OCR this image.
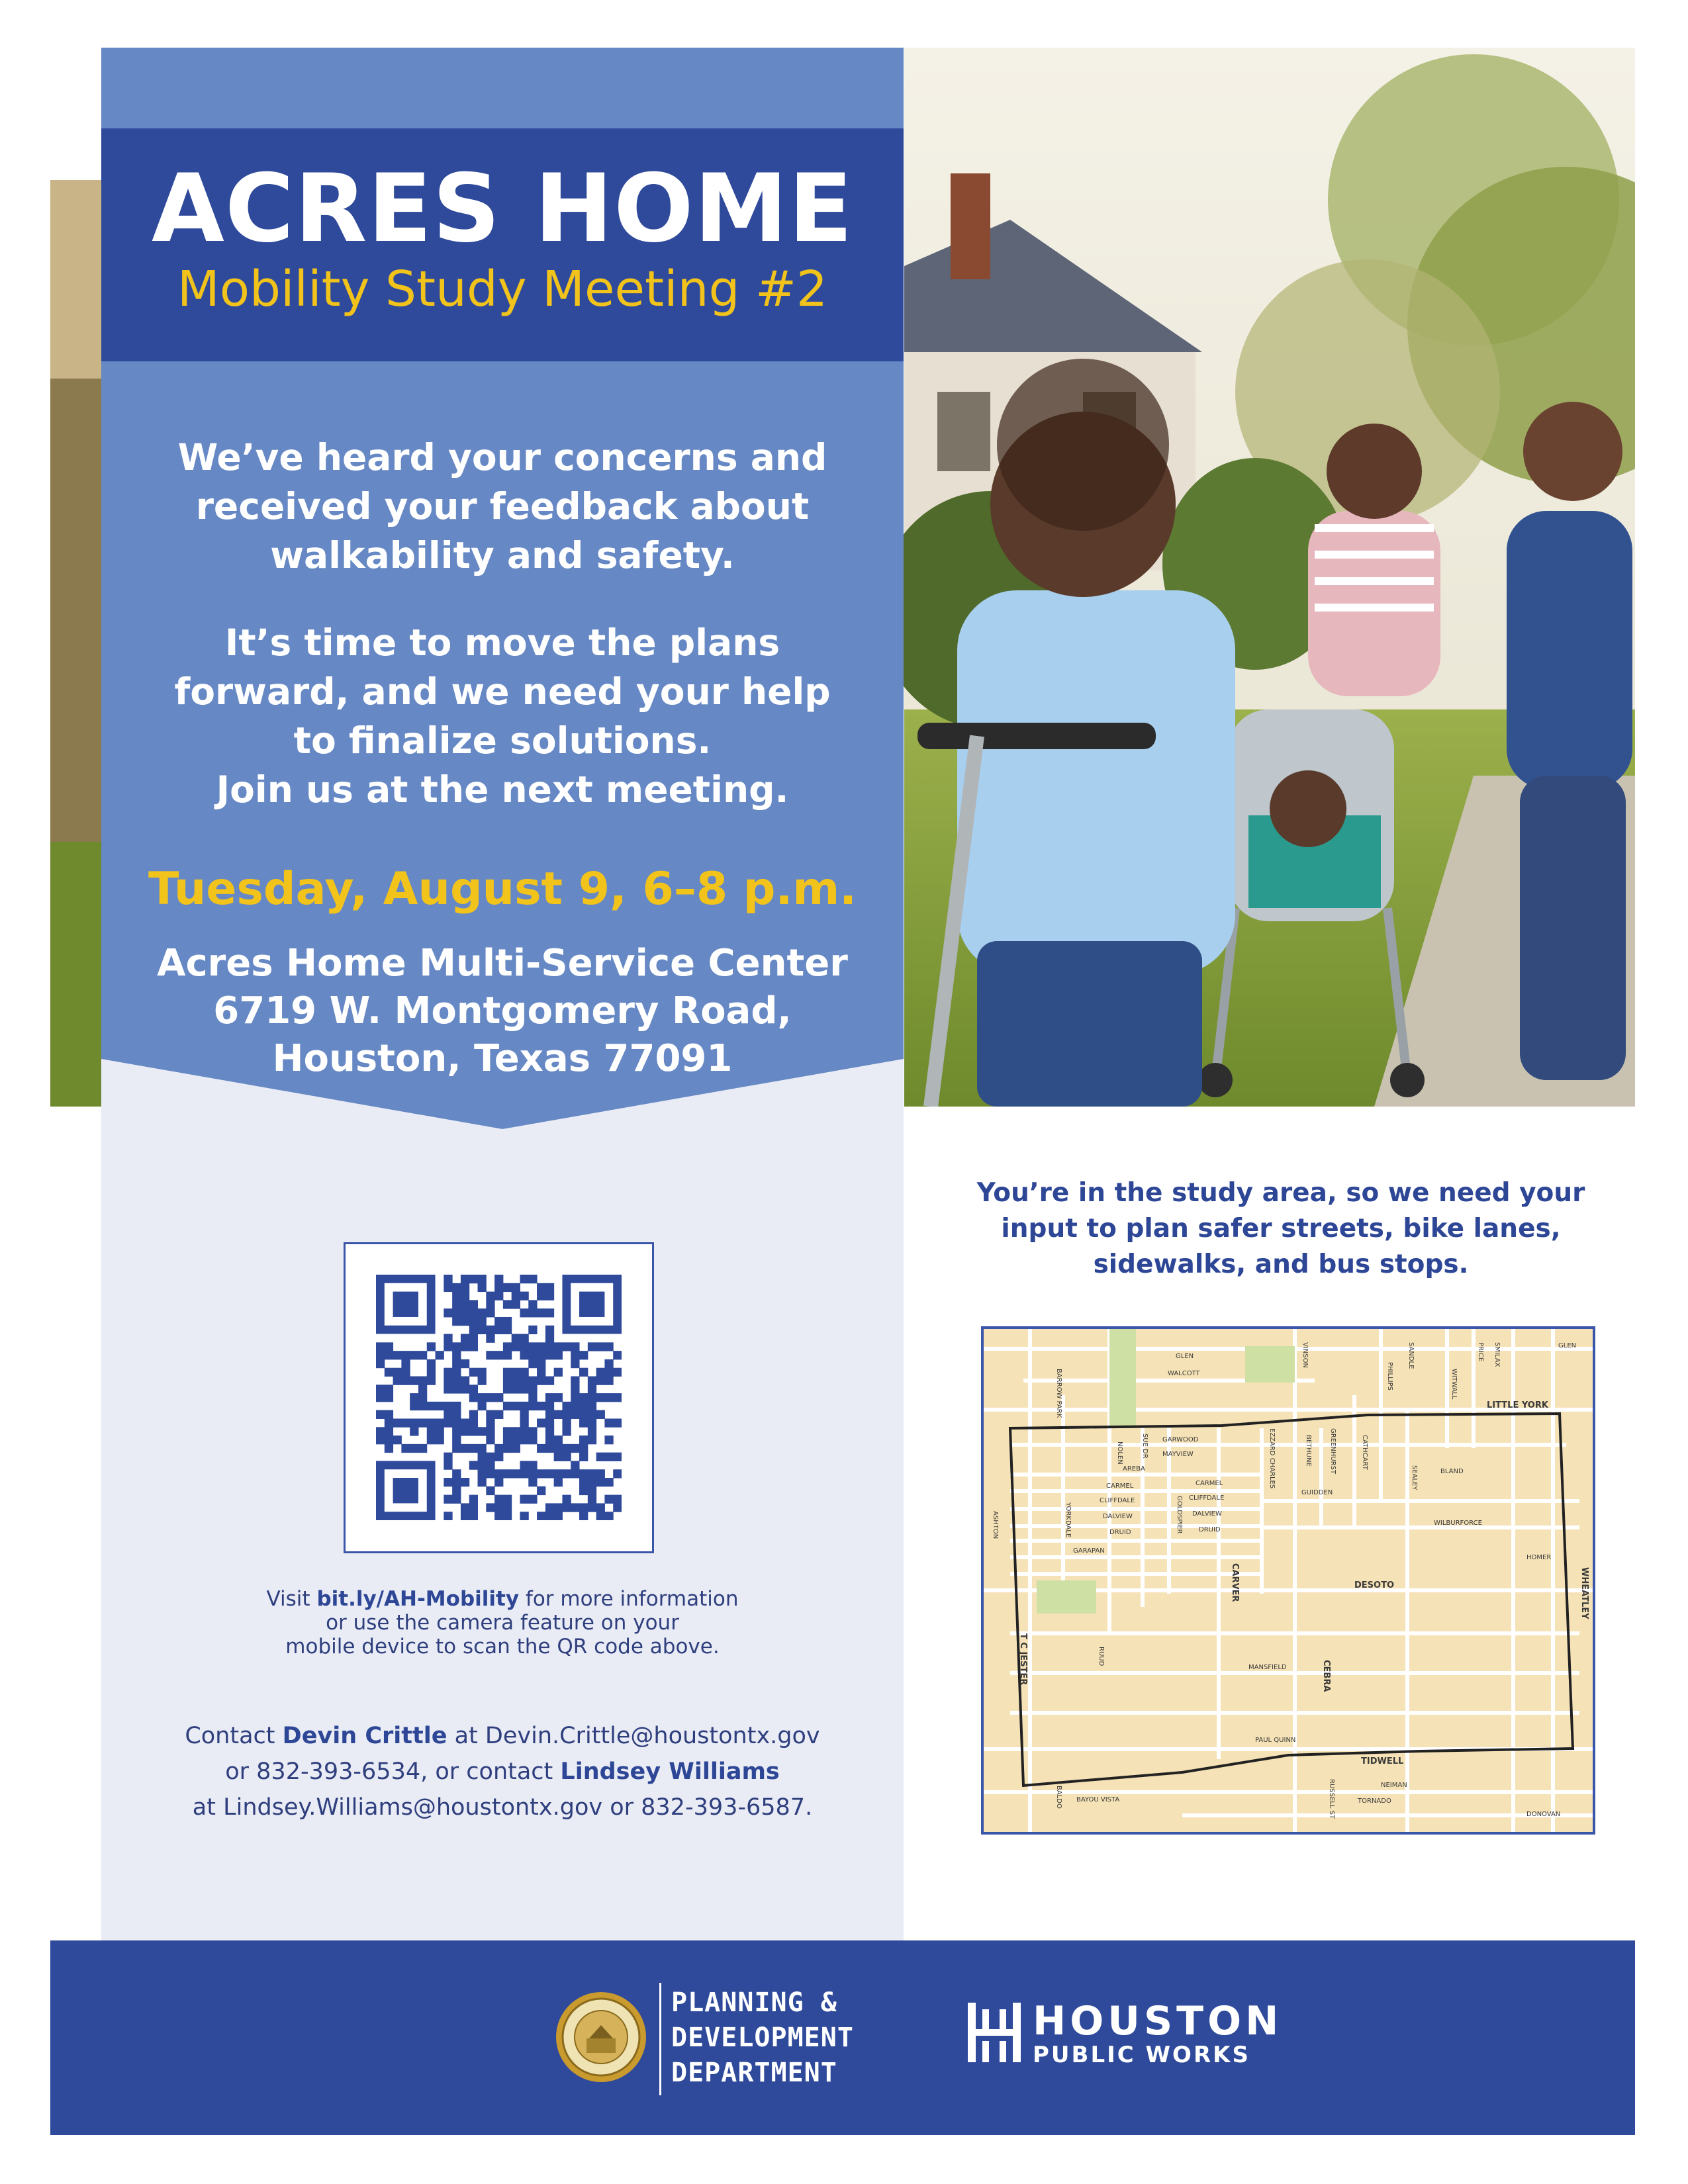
ACRES HOME
Mobility Study Meeting #2
We’ve heard your concerns and
received your feedback about
walkability and safety.
It’s time to move the plans
forward, and we need your help
to finalize solutions.
Join us at the next meeting.
Tuesday, August 9, 6–8 p.m.
Acres Home Multi-Service Center
6719 W. Montgomery Road,
Houston, Texas 77091
Visit bit.ly/AH-Mobility for more information
or use the camera feature on your
mobile device to scan the QR code above.
Contact Devin Crittle at Devin.Crittle@houstontx.gov
or 832-393-6534, or contact Lindsey Williams
at Lindsey.Williams@houstontx.gov or 832-393-6587.
You’re in the study area, so we need your
input to plan safer streets, bike lanes,
sidewalks, and bus stops.
GLEN
GLEN
WALCOTT
LITTLE YORK
GARWOOD
MAYVIEW
AREBA
CARMEL	CARMEL
CLIFFDALE	CLIFFDALE
DALVIEW	DALVIEW
DRUID	DRUID
GARAPAN
GUIDDEN
BLAND
WILBURFORCE
HOMER
DESOTO
CARVER	WHEATLEY
T C JESTER	MANSFIELD	CEBRA
PAUL QUINN
TIDWELL
NEIMAN
TORNADO
DONOVAN
BAYOU VISTA
ASHTON
NOLEN	SUE DR
YORKDALE	GOLDSPIER
BETHUNE
EZZARD CHARLES	GREENHURST	CATHCART
SEALEY
VINSON
PHILLIPS
SANDLE
WITWALL
PRICE SMILAX
BARROW PARK
RUUD
BALDO	RUSSELL ST
PLANNING &
DEVELOPMENT
DEPARTMENT
HOUSTON
PUBLIC WORKS
